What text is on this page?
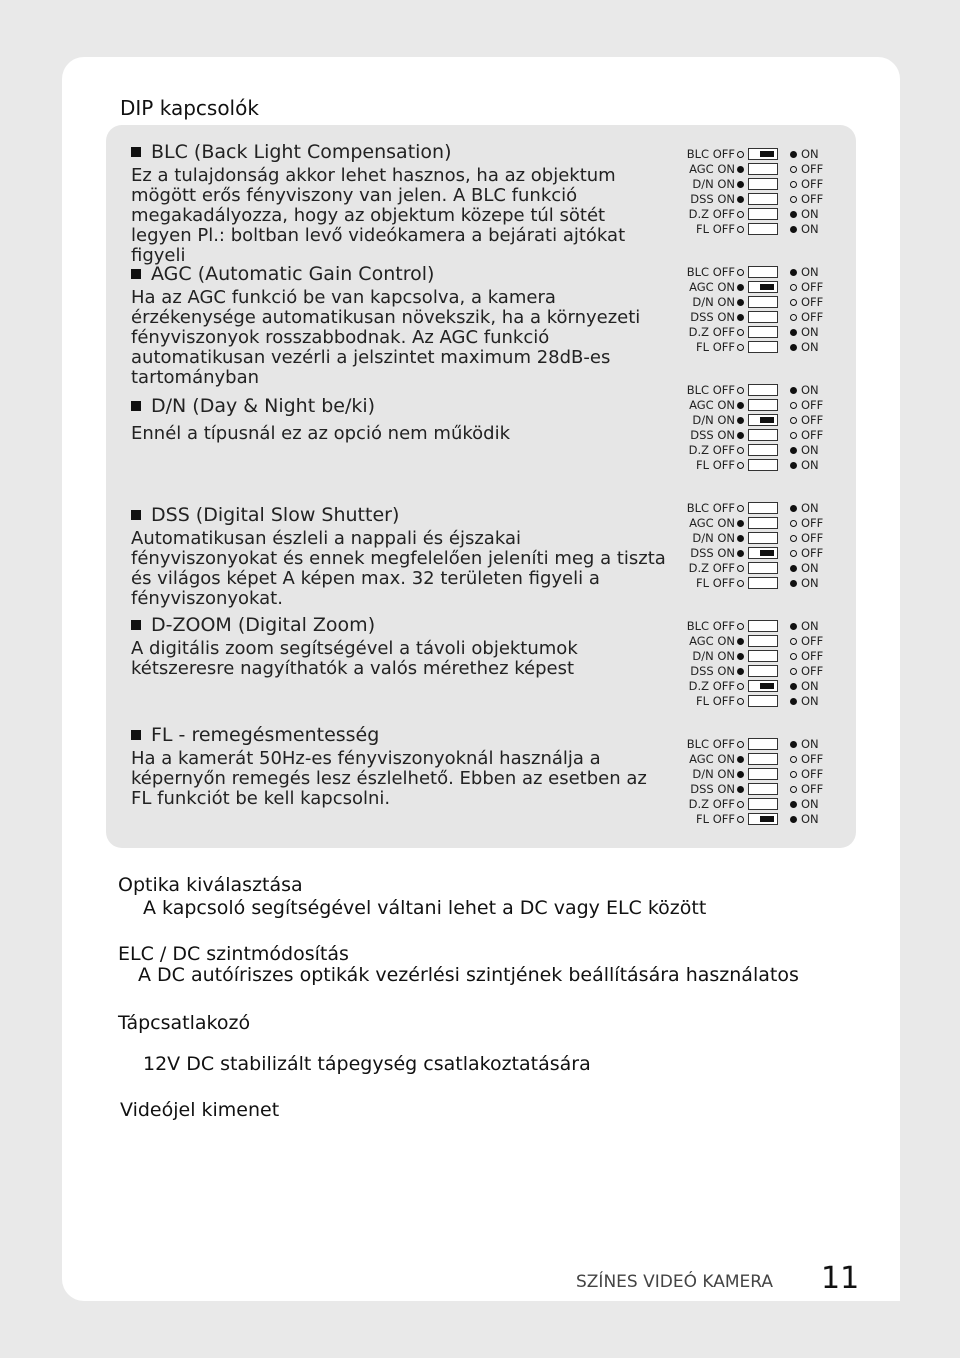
DIP kapcsolók
BLC (Back Light Compensation)
Ez a tulajdonság akkor lehet hasznos, ha az objektum mögött erős fényviszony van jelen. A BLC funkció megakadályozza, hogy az objektum közepe túl sötét legyen Pl.: boltban levő videókamera a bejárati ajtókat figyeli
AGC (Automatic Gain Control)
Ha az AGC funkció be van kapcsolva, a kamera érzékenysége automatikusan növekszik, ha a környezeti fényviszonyok rosszabbodnak. Az AGC funkció automatikusan vezérli a jelszintet maximum 28dB-es tartományban
D/N (Day & Night be/ki)
Ennél a típusnál ez az opció nem működik
DSS (Digital Slow Shutter)
Automatikusan észleli a nappali és éjszakai fényviszonyokat és ennek megfelelően jeleníti meg a tiszta és világos képet A képen max. 32 területen figyeli a fényviszonyokat.
D-ZOOM (Digital Zoom)
A digitális zoom segítségével a távoli objektumok kétszeresre nagyíthatók a valós mérethez képest
FL - remegésmentesség
Ha a kamerát 50Hz-es fényviszonyoknál használja a képernyőn remegés lesz észlelhető. Ebben az esetben az FL funkciót be kell kapcsolni.
BLC OFF	ON
AGC ON	OFF
D/N ON	OFF
DSS ON	OFF
D.Z OFF	ON
FL OFF	ON
BLC OFF	ON
AGC ON	OFF
D/N ON	OFF
DSS ON	OFF
D.Z OFF	ON
FL OFF	ON
BLC OFF	ON
AGC ON	OFF
D/N ON	OFF
DSS ON	OFF
D.Z OFF	ON
FL OFF	ON
BLC OFF	ON
AGC ON	OFF
D/N ON	OFF
DSS ON	OFF
D.Z OFF	ON
FL OFF	ON
BLC OFF	ON
AGC ON	OFF
D/N ON	OFF
DSS ON	OFF
D.Z OFF	ON
FL OFF	ON
BLC OFF	ON
AGC ON	OFF
D/N ON	OFF
DSS ON	OFF
D.Z OFF	ON
FL OFF	ON
Optika kiválasztása
A kapcsoló segítségével váltani lehet a DC vagy ELC között
ELC / DC szintmódosítás
A DC autóíriszes optikák vezérlési szintjének beállítására használatos
Tápcsatlakozó
12V DC stabilizált tápegység csatlakoztatására
Videójel kimenet
SZÍNES VIDEÓ KAMERA 11
